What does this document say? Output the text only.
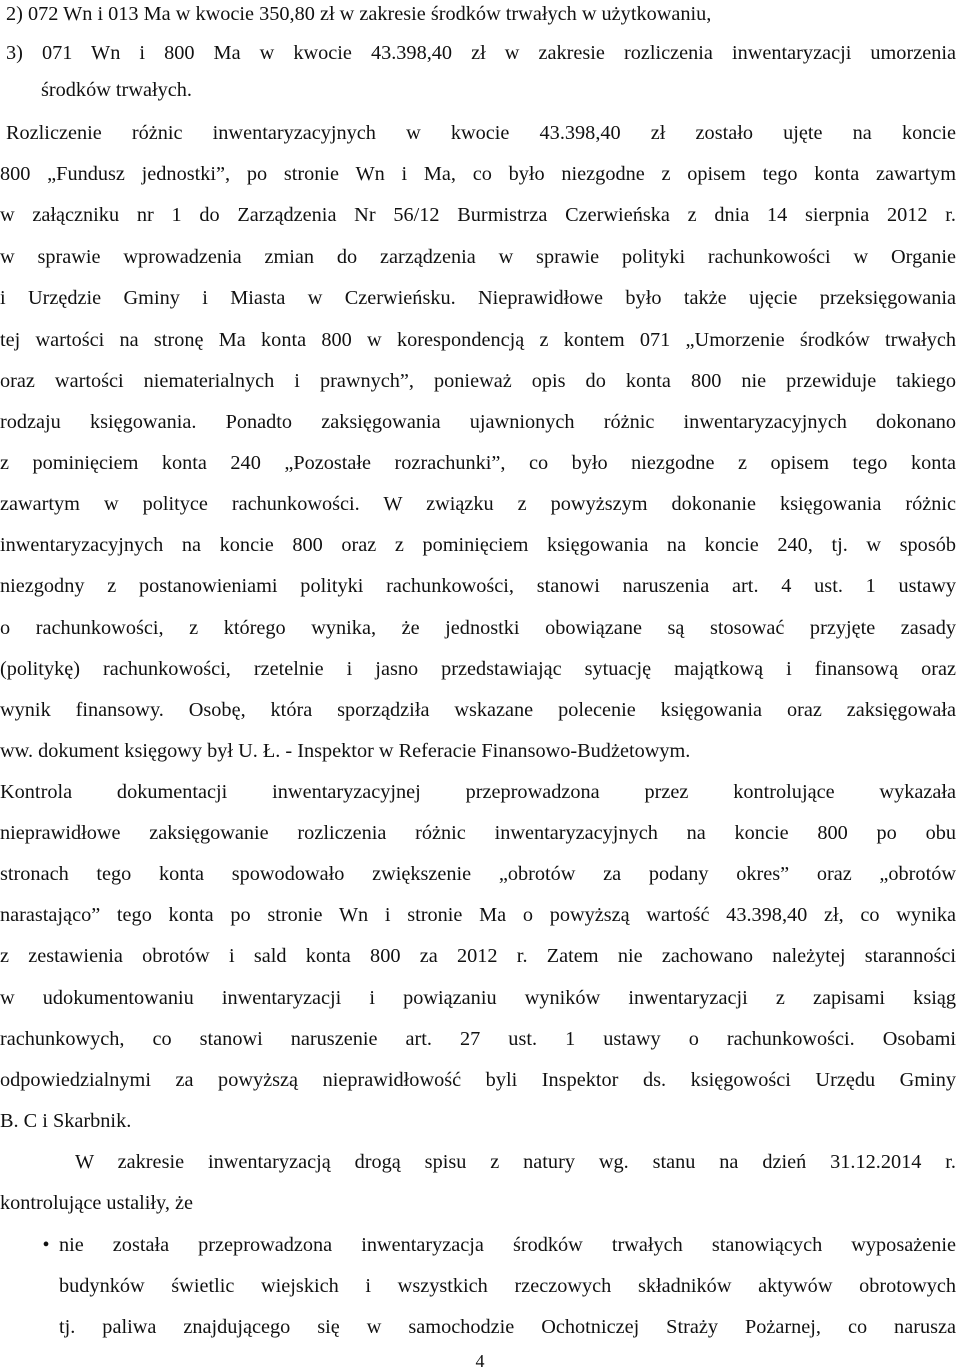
2) 072 Wn i 013 Ma w kwocie 350,80 zł w zakresie środków trwałych w użytkowaniu,
3) 071 Wn i 800 Ma w kwocie 43.398,40 zł w zakresie rozliczenia inwentaryzacji umorzenia
środków trwałych.
Rozliczenie różnic inwentaryzacyjnych w kwocie 43.398,40 zł zostało ujęte na koncie
800 „Fundusz jednostki”, po stronie Wn i Ma, co było niezgodne z opisem tego konta zawartym
w załączniku nr 1 do Zarządzenia Nr 56/12 Burmistrza Czerwieńska z dnia 14 sierpnia 2012 r.
w sprawie wprowadzenia zmian do zarządzenia w sprawie polityki rachunkowości w Organie
i Urzędzie Gminy i Miasta w Czerwieńsku. Nieprawidłowe było także ujęcie przeksięgowania
tej wartości na stronę Ma konta 800 w korespondencją z kontem 071 „Umorzenie środków trwałych
oraz wartości niematerialnych i prawnych”, ponieważ opis do konta 800 nie przewiduje takiego
rodzaju księgowania. Ponadto zaksięgowania ujawnionych różnic inwentaryzacyjnych dokonano
z pominięciem konta 240 „Pozostałe rozrachunki”, co było niezgodne z opisem tego konta
zawartym w polityce rachunkowości. W związku z powyższym dokonanie księgowania różnic
inwentaryzacyjnych na koncie 800 oraz z pominięciem księgowania na koncie 240, tj. w sposób
niezgodny z postanowieniami polityki rachunkowości, stanowi naruszenia art. 4 ust. 1 ustawy
o rachunkowości, z którego wynika, że jednostki obowiązane są stosować przyjęte zasady
(politykę) rachunkowości, rzetelnie i jasno przedstawiając sytuację majątkową i finansową oraz
wynik finansowy. Osobę, która sporządziła wskazane polecenie księgowania oraz zaksięgowała
ww. dokument księgowy był U. Ł. - Inspektor w Referacie Finansowo-Budżetowym.
Kontrola dokumentacji inwentaryzacyjnej przeprowadzona przez kontrolujące wykazała
nieprawidłowe zaksięgowanie rozliczenia różnic inwentaryzacyjnych na koncie 800 po obu
stronach tego konta spowodowało zwiększenie „obrotów za podany okres” oraz „obrotów
narastająco” tego konta po stronie Wn i stronie Ma o powyższą wartość 43.398,40 zł, co wynika
z zestawienia obrotów i sald konta 800 za 2012 r. Zatem nie zachowano należytej staranności
w udokumentowaniu inwentaryzacji i powiązaniu wyników inwentaryzacji z zapisami ksiąg
rachunkowych, co stanowi naruszenie art. 27 ust. 1 ustawy o rachunkowości. Osobami
odpowiedzialnymi za powyższą nieprawidłowość byli Inspektor ds. księgowości Urzędu Gminy
B. C i Skarbnik.
W zakresie inwentaryzacją drogą spisu z natury wg. stanu na dzień 31.12.2014 r.
kontrolujące ustaliły, że
• nie została przeprowadzona inwentaryzacja środków trwałych stanowiących wyposażenie
budynków świetlic wiejskich i wszystkich rzeczowych składników aktywów obrotowych
tj. paliwa znajdującego się w samochodzie Ochotniczej Straży Pożarnej, co narusza
4
